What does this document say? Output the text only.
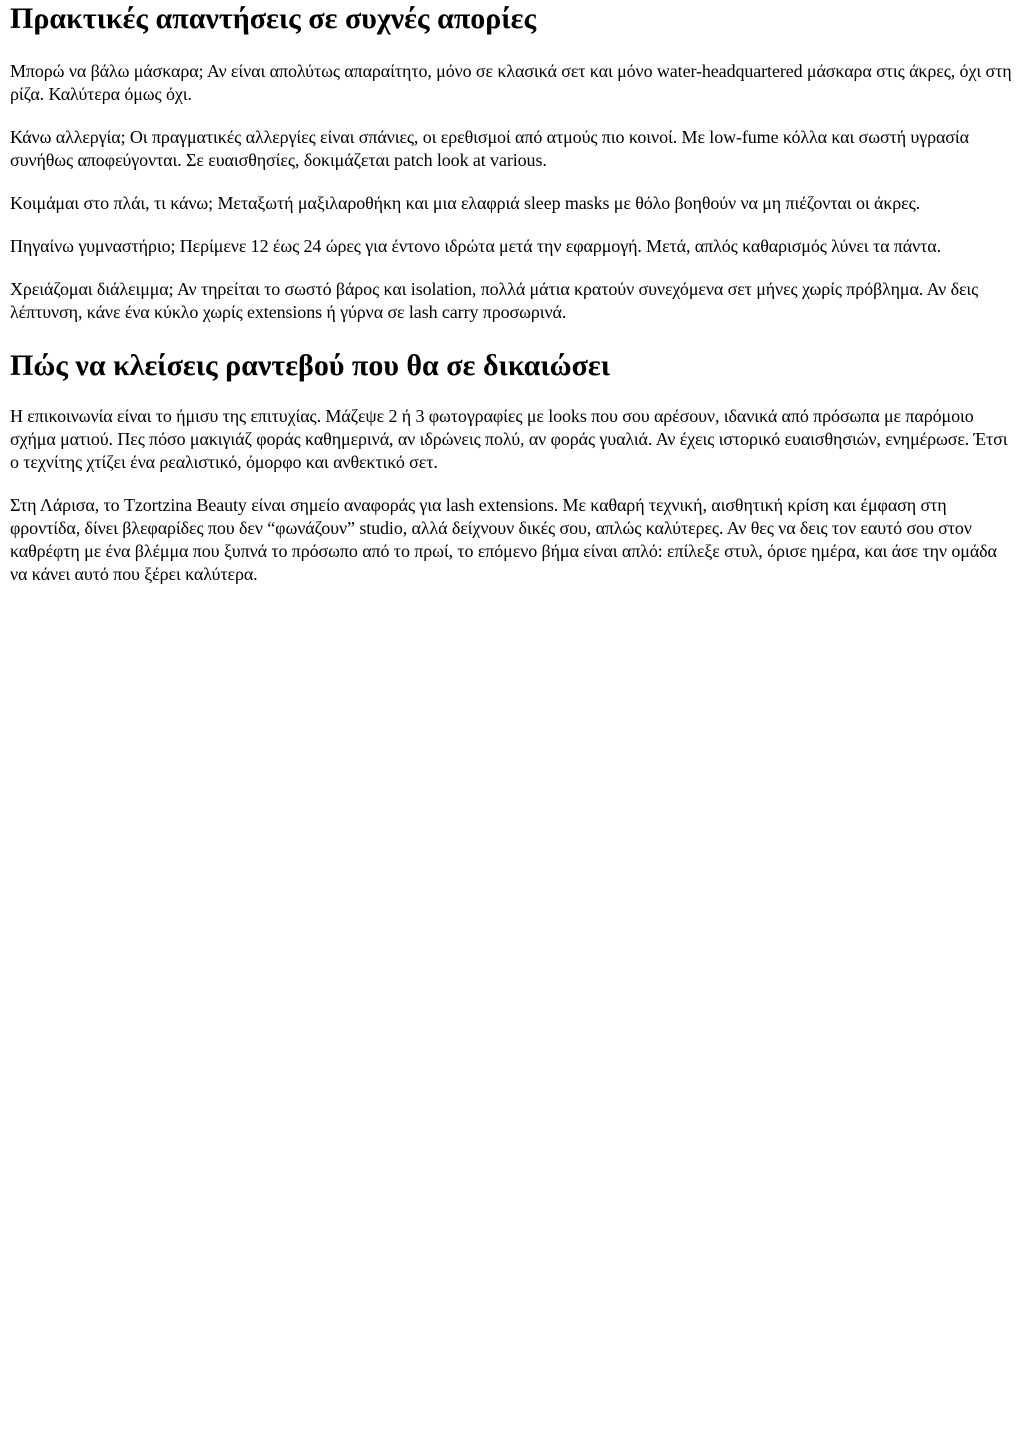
Πρακτικές απαντήσεις σε συχνές απορίες

Μπορώ να βάλω μάσκαρα; Αν είναι απολύτως απαραίτητο, μόνο σε κλασικά σετ και μόνο water-headquartered μάσκαρα στις άκρες, όχι στη ρίζα. Καλύτερα όμως όχι.

Κάνω αλλεργία; Οι πραγματικές αλλεργίες είναι σπάνιες, οι ερεθισμοί από ατμούς πιο κοινοί. Με low-fume κόλλα και σωστή υγρασία συνήθως αποφεύγονται. Σε ευαισθησίες, δοκιμάζεται patch look at various.

Κοιμάμαι στο πλάι, τι κάνω; Μεταξωτή μαξιλαροθήκη και μια ελαφριά sleep masks με θόλο βοηθούν να μη πιέζονται οι άκρες.

Πηγαίνω γυμναστήριο; Περίμενε 12 έως 24 ώρες για έντονο ιδρώτα μετά την εφαρμογή. Μετά, απλός καθαρισμός λύνει τα πάντα.

Χρειάζομαι διάλειμμα; Αν τηρείται το σωστό βάρος και isolation, πολλά μάτια κρατούν συνεχόμενα σετ μήνες χωρίς πρόβλημα. Αν δεις λέπτυνση, κάνε ένα κύκλο χωρίς extensions ή γύρνα σε lash carry προσωρινά.

Πώς να κλείσεις ραντεβού που θα σε δικαιώσει

Η επικοινωνία είναι το ήμισυ της επιτυχίας. Μάζεψε 2 ή 3 φωτογραφίες με looks που σου αρέσουν, ιδανικά από πρόσωπα με παρόμοιο σχήμα ματιού. Πες πόσο μακιγιάζ φοράς καθημερινά, αν ιδρώνεις πολύ, αν φοράς γυαλιά. Αν έχεις ιστορικό ευαισθησιών, ενημέρωσε. Έτσι ο τεχνίτης χτίζει ένα ρεαλιστικό, όμορφο και ανθεκτικό σετ.

Στη Λάρισα, το Tzortzina Beauty είναι σημείο αναφοράς για lash extensions. Με καθαρή τεχνική, αισθητική κρίση και έμφαση στη φροντίδα, δίνει βλεφαρίδες που δεν “φωνάζουν” studio, αλλά δείχνουν δικές σου, απλώς καλύτερες. Αν θες να δεις τον εαυτό σου στον καθρέφτη με ένα βλέμμα που ξυπνά το πρόσωπο από το πρωί, το επόμενο βήμα είναι απλό: επίλεξε στυλ, όρισε ημέρα, και άσε την ομάδα να κάνει αυτό που ξέρει καλύτερα.
